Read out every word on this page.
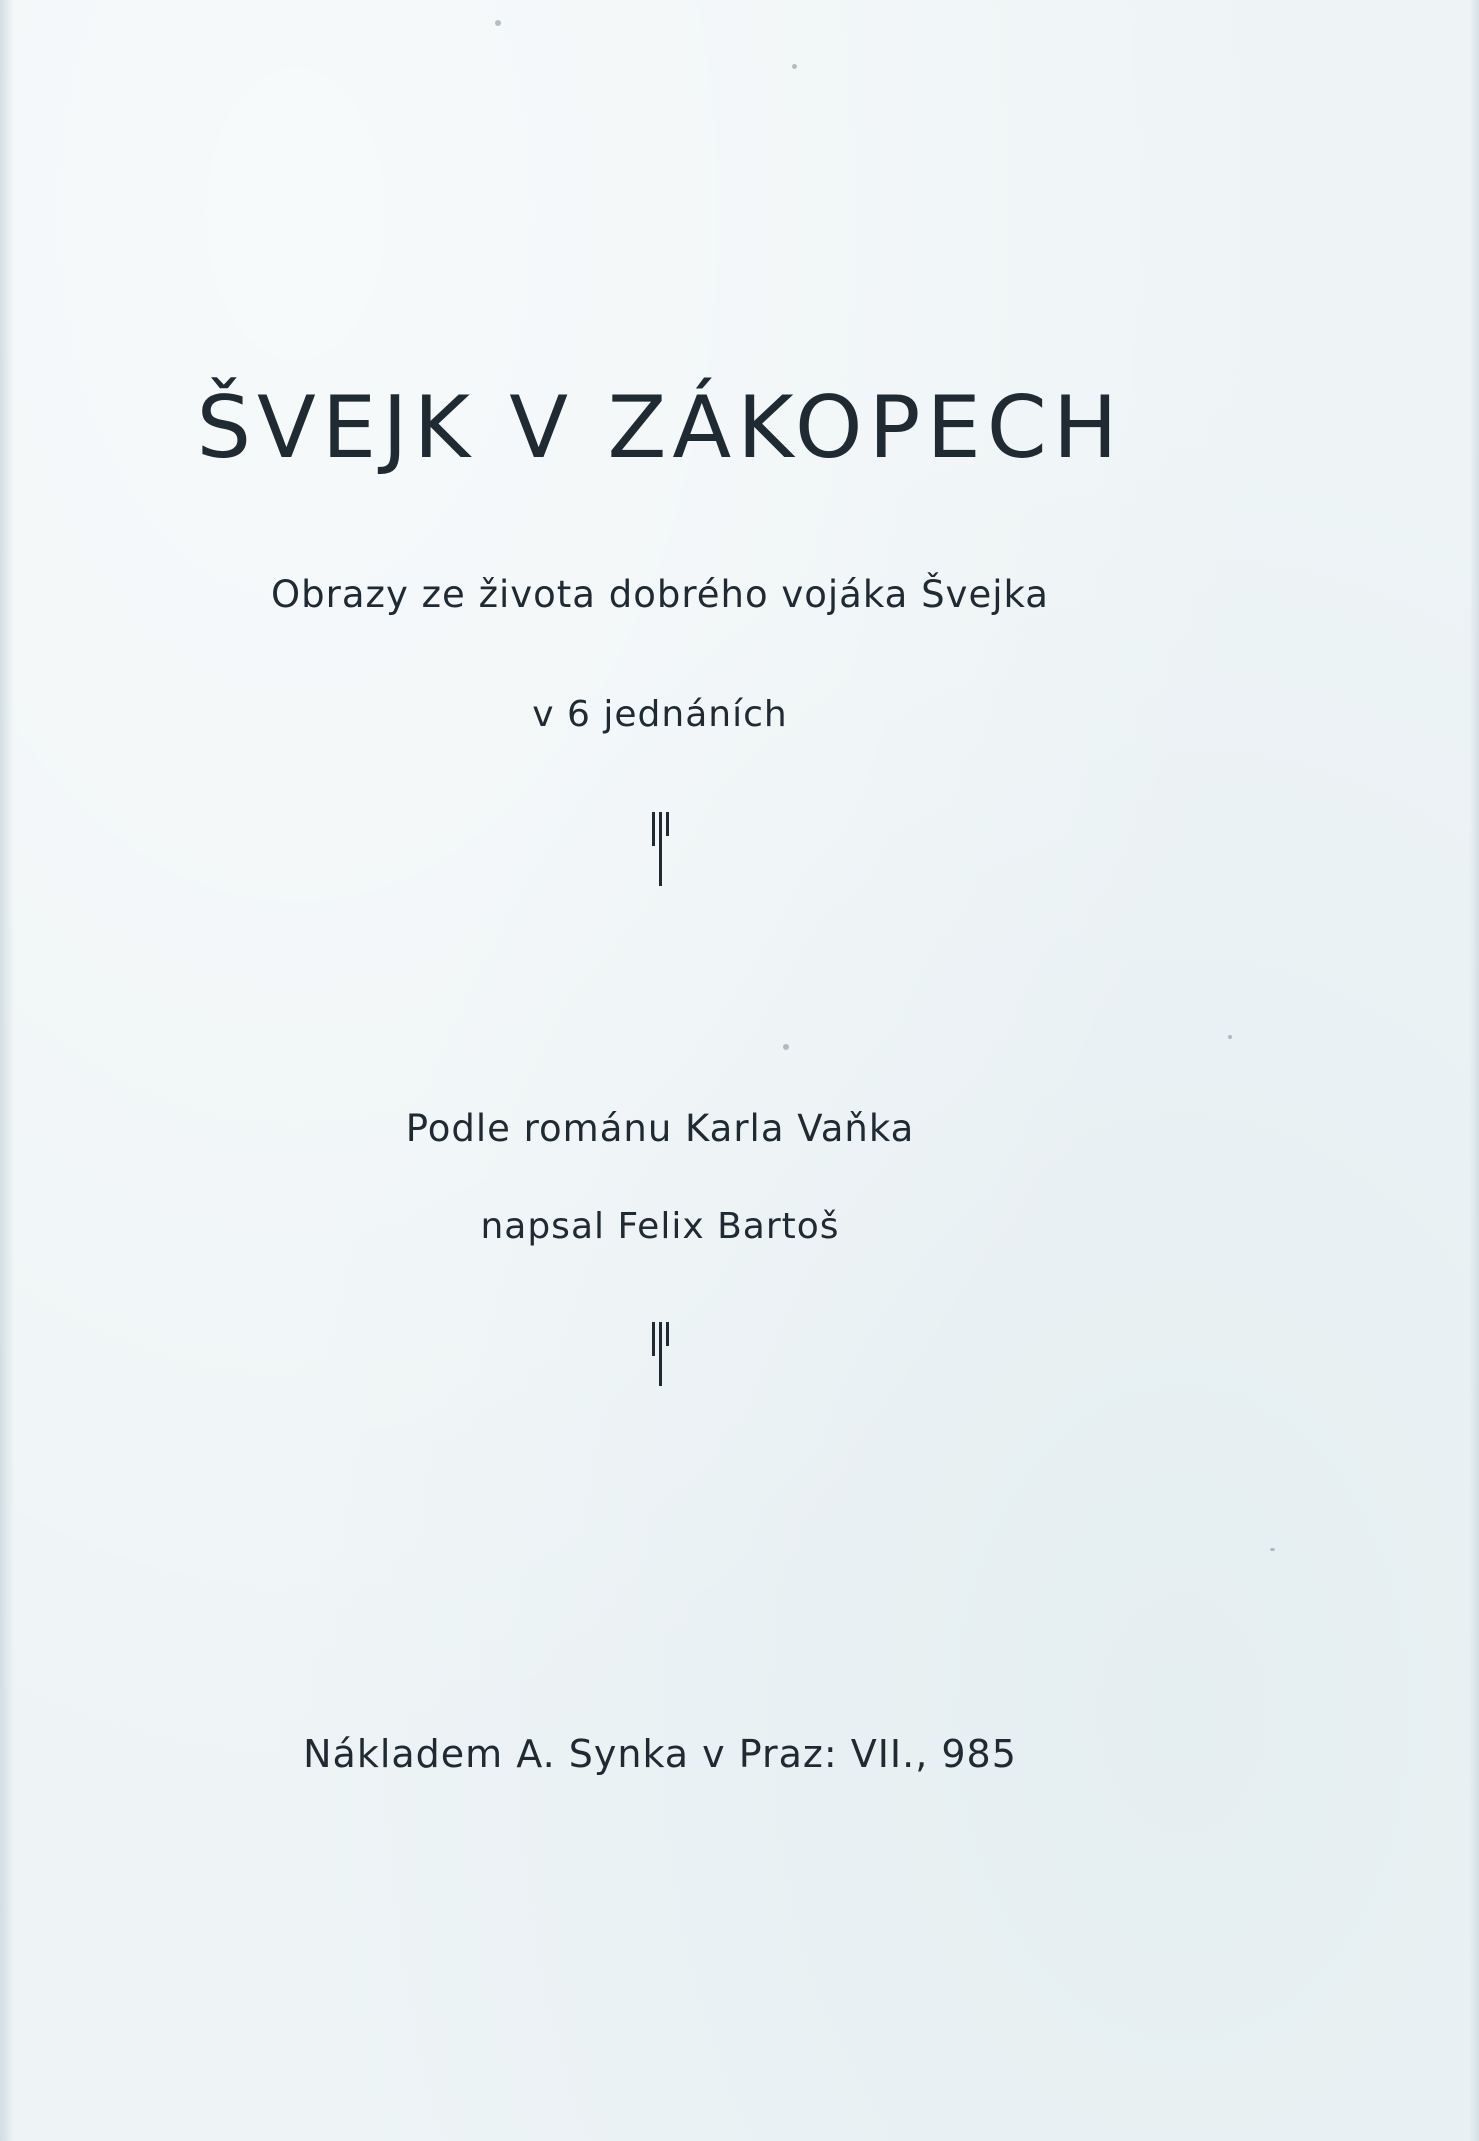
ŠVEJK V ZÁKOPECH
Obrazy ze života dobrého vojáka Švejka
v 6 jednáních
Podle románu Karla Vaňka
napsal Felix Bartoš
Nákladem A. Synka v Praz: VII., 985
